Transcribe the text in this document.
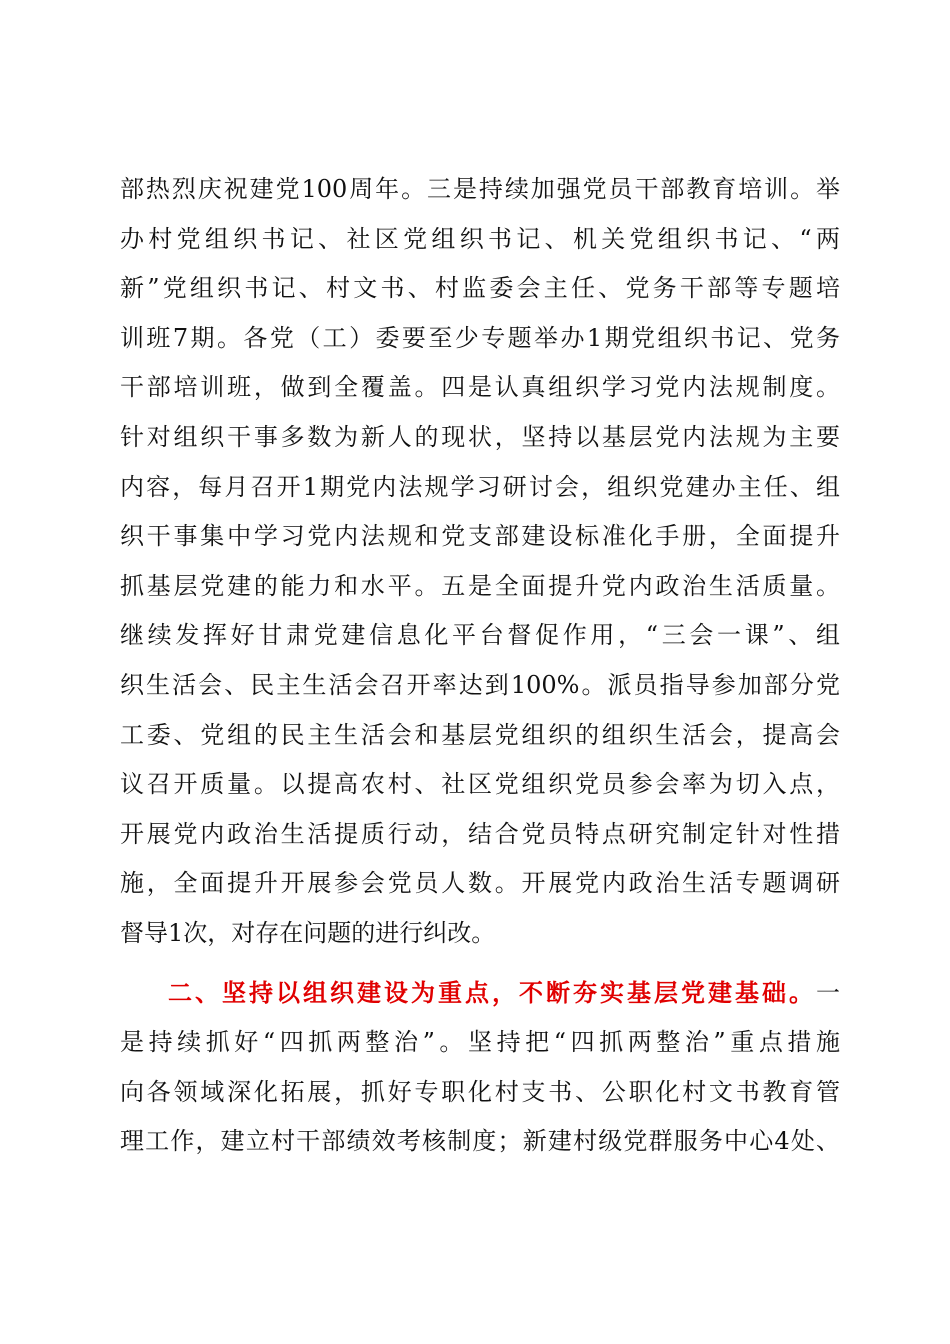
部热烈庆祝建党100周年。三是持续加强党员干部教育培训。举
办村党组织书记、社区党组织书记、机关党组织书记、“两
新”党组织书记、村文书、村监委会主任、党务干部等专题培
训班7期。各党（工）委要至少专题举办1期党组织书记、党务
干部培训班，做到全覆盖。四是认真组织学习党内法规制度。
针对组织干事多数为新人的现状，坚持以基层党内法规为主要
内容，每月召开1期党内法规学习研讨会，组织党建办主任、组
织干事集中学习党内法规和党支部建设标准化手册，全面提升
抓基层党建的能力和水平。五是全面提升党内政治生活质量。
继续发挥好甘肃党建信息化平台督促作用，“三会一课”、组
织生活会、民主生活会召开率达到100%。派员指导参加部分党
工委、党组的民主生活会和基层党组织的组织生活会，提高会
议召开质量。以提高农村、社区党组织党员参会率为切入点，
开展党内政治生活提质行动，结合党员特点研究制定针对性措
施，全面提升开展参会党员人数。开展党内政治生活专题调研
督导1次，对存在问题的进行纠改。
二、坚持以组织建设为重点，不断夯实基层党建基础。一
是持续抓好“四抓两整治”。坚持把“四抓两整治”重点措施
向各领域深化拓展，抓好专职化村支书、公职化村文书教育管
理工作，建立村干部绩效考核制度；新建村级党群服务中心4处、
